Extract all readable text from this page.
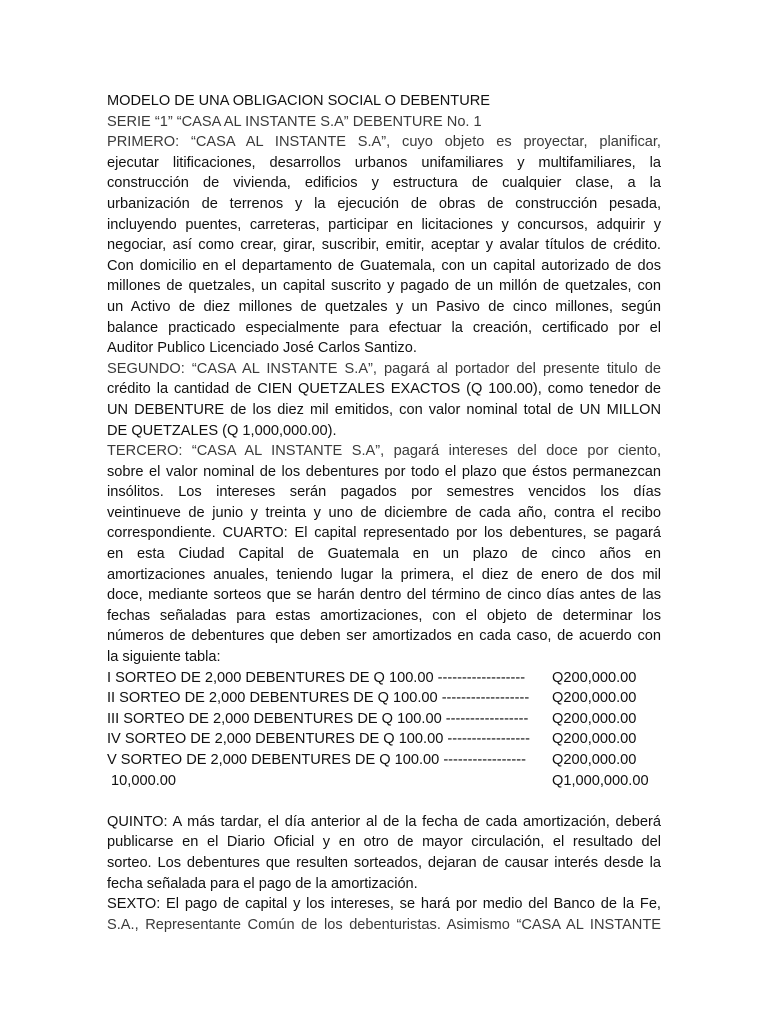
MODELO DE UNA OBLIGACION SOCIAL O DEBENTURE
SERIE “1” “CASA AL INSTANTE S.A” DEBENTURE No. 1
PRIMERO: “CASA AL INSTANTE S.A”, cuyo objeto es proyectar, planificar,
ejecutar litificaciones, desarrollos urbanos unifamiliares y multifamiliares, la
construcción de vivienda, edificios y estructura de cualquier clase, a la
urbanización de terrenos y la ejecución de obras de construcción pesada,
incluyendo puentes, carreteras, participar en licitaciones y concursos, adquirir y
negociar, así como crear, girar, suscribir, emitir, aceptar y avalar títulos de crédito.
Con domicilio en el departamento de Guatemala, con un capital autorizado de dos
millones de quetzales, un capital suscrito y pagado de un millón de quetzales, con
un Activo de diez millones de quetzales y un Pasivo de cinco millones, según
balance practicado especialmente para efectuar la creación, certificado por el
Auditor Publico Licenciado José Carlos Santizo.
SEGUNDO: “CASA AL INSTANTE S.A”, pagará al portador del presente titulo de
crédito la cantidad de CIEN QUETZALES EXACTOS (Q 100.00), como tenedor de
UN DEBENTURE de los diez mil emitidos, con valor nominal total de UN MILLON
DE QUETZALES (Q 1,000,000.00).
TERCERO: “CASA AL INSTANTE S.A”, pagará intereses del doce por ciento,
sobre el valor nominal de los debentures por todo el plazo que éstos permanezcan
insólitos. Los intereses serán pagados por semestres vencidos los días
veintinueve de junio y treinta y uno de diciembre de cada año, contra el recibo
correspondiente. CUARTO: El capital representado por los debentures, se pagará
en esta Ciudad Capital de Guatemala en un plazo de cinco años en
amortizaciones anuales, teniendo lugar la primera, el diez de enero de dos mil
doce, mediante sorteos que se harán dentro del término de cinco días antes de las
fechas señaladas para estas amortizaciones, con el objeto de determinar los
números de debentures que deben ser amortizados en cada caso, de acuerdo con
la siguiente tabla:
I SORTEO DE 2,000 DEBENTURES DE Q 100.00 ------------------ Q200,000.00
II SORTEO DE 2,000 DEBENTURES DE Q 100.00 ------------------ Q200,000.00
III SORTEO DE 2,000 DEBENTURES DE Q 100.00 ----------------- Q200,000.00
IV SORTEO DE 2,000 DEBENTURES DE Q 100.00 ----------------- Q200,000.00
V SORTEO DE 2,000 DEBENTURES DE Q 100.00 ----------------- Q200,000.00
10,000.00	Q1,000,000.00
QUINTO: A más tardar, el día anterior al de la fecha de cada amortización, deberá
publicarse en el Diario Oficial y en otro de mayor circulación, el resultado del
sorteo. Los debentures que resulten sorteados, dejaran de causar interés desde la
fecha señalada para el pago de la amortización.
SEXTO: El pago de capital y los intereses, se hará por medio del Banco de la Fe,
S.A., Representante Común de los debenturistas. Asimismo “CASA AL INSTANTE
